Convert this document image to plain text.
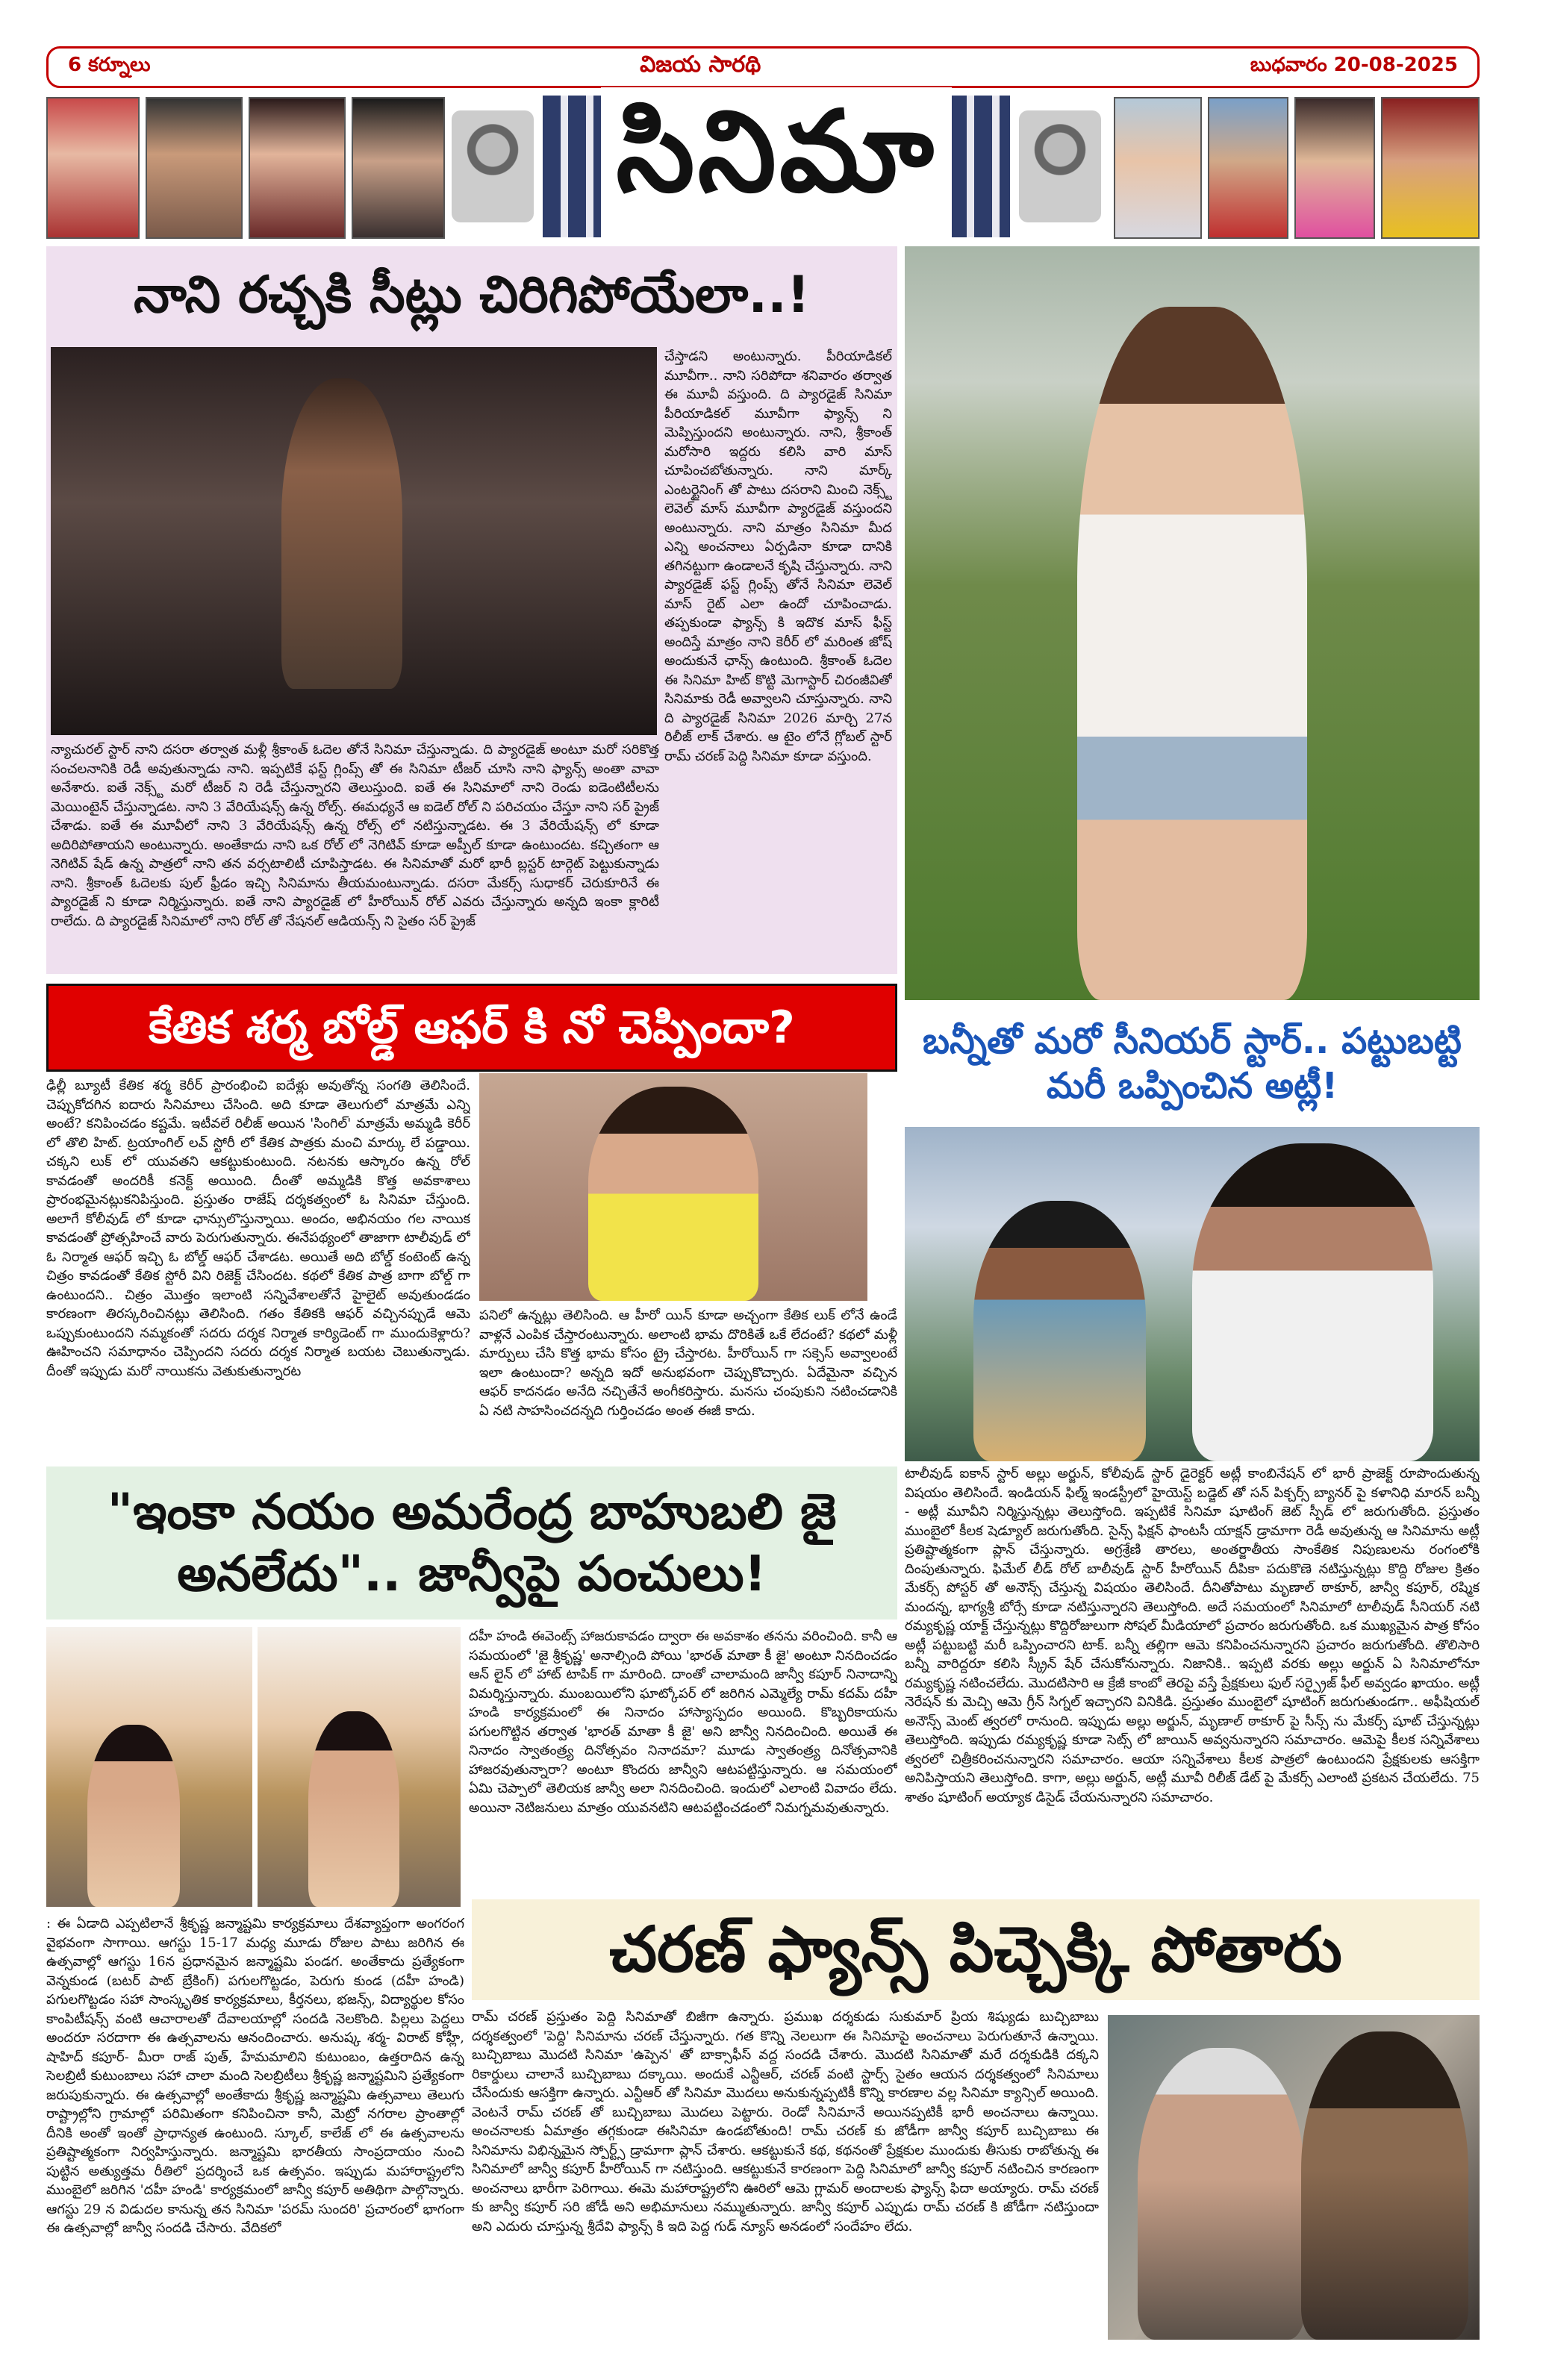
6 కర్నూలు	విజయ సారథి	బుధవారం 20-08-2025
సినిమా
నాని రచ్చకి సీట్లు చిరిగిపోయేలా..!
చేస్తాడని అంటున్నారు. పీరియాడికల్ మూవీగా.. నాని సరిపోదా శనివారం తర్వాత ఈ మూవీ వస్తుంది. ది ప్యారడైజ్ సినిమా పీరియాడికల్ మూవీగా ఫ్యాన్స్ ని మెప్పిస్తుందని అంటున్నారు. నాని, శ్రీకాంత్ మరోసారి ఇద్దరు కలిసి వారి మాస్ చూపించబోతున్నారు. నాని మార్క్ ఎంటర్టైనింగ్ తో పాటు దసరాని మించి నెక్స్ట్ లెవెల్ మాస్ మూవీగా ప్యారడైజ్ వస్తుందని అంటున్నారు. నాని మాత్రం సినిమా మీద ఎన్ని అంచనాలు ఏర్పడినా కూడా దానికి తగినట్టుగా ఉండాలనే కృషి చేస్తున్నారు. నాని ప్యారడైజ్ ఫస్ట్ గ్లింప్స్ తోనే సినిమా లెవెల్ మాస్ రైట్ ఎలా ఉందో చూపించాడు. తప్పకుండా ఫ్యాన్స్ కి ఇదొక మాస్ ఫీస్ట్ అందిస్తే మాత్రం నాని కెరీర్ లో మరింత జోష్ అందుకునే ఛాన్స్ ఉంటుంది. శ్రీకాంత్ ఓదెల ఈ సినిమా హిట్ కొట్టి మెగాస్టార్ చిరంజీవితో సినిమాకు రెడీ అవ్వాలని చూస్తున్నారు. నాని ది ప్యారడైజ్ సినిమా 2026 మార్చి 27న రిలీజ్ లాక్ చేశారు. ఆ టైం లోనే గ్లోబల్ స్టార్ రామ్ చరణ్ పెద్ది సినిమా కూడా వస్తుంది.
న్యాచురల్ స్టార్ నాని దసరా తర్వాత మళ్లీ శ్రీకాంత్ ఓదెల తోనే సినిమా చేస్తున్నాడు. ది ప్యారడైజ్ అంటూ మరో సరికొత్త సంచలనానికి రెడీ అవుతున్నాడు నాని. ఇప్పటికే ఫస్ట్ గ్లింప్స్ తో ఈ సినిమా టీజర్ చూసి నాని ఫ్యాన్స్ అంతా వావా అనేశారు. ఐతే నెక్స్ట్ మరో టీజర్ ని రెడీ చేస్తున్నారని తెలుస్తుంది. ఐతే ఈ సినిమాలో నాని రెండు ఐడెంటిటీలను మెయింటైన్ చేస్తున్నాడట. నాని 3 వేరియేషన్స్ ఉన్న రోల్స్. ఈమధ్యనే ఆ ఐడెల్ రోల్ ని పరిచయం చేస్తూ నాని సర్ ప్రైజ్ చేశాడు. ఐతే ఈ మూవీలో నాని 3 వేరియేషన్స్ ఉన్న రోల్స్ లో నటిస్తున్నాడట. ఈ 3 వేరియేషన్స్ లో కూడా అదిరిపోతాయని అంటున్నారు. అంతేకాదు నాని ఒక రోల్ లో నెగిటివ్ కూడా అప్పీల్ కూడా ఉంటుందట. కచ్చితంగా ఆ నెగిటివ్ షేడ్ ఉన్న పాత్రలో నాని తన వర్సటాలిటీ చూపిస్తాడట. ఈ సినిమాతో మరో భారీ బ్లస్టర్ టార్గెట్ పెట్టుకున్నాడు నాని. శ్రీకాంత్ ఓదెలకు పుల్ ఫ్రీడం ఇచ్చి సినిమాను తీయమంటున్నాడు. దసరా మేకర్స్ సుధాకర్ చెరుకూరినే ఈ ప్యారడైజ్ ని కూడా నిర్మిస్తున్నారు. ఐతే నాని ప్యారడైజ్ లో హీరోయిన్ రోల్ ఎవరు చేస్తున్నారు అన్నది ఇంకా క్లారిటీ రాలేదు. ది ప్యారడైజ్ సినిమాలో నాని రోల్ తో నేషనల్ ఆడియన్స్ ని సైతం సర్ ప్రైజ్
కేతిక శర్మ బోల్డ్ ఆఫర్ కి నో చెప్పిందా?
ఢిల్లీ బ్యూటీ కేతిక శర్మ కెరీర్ ప్రారంభించి ఐదేళ్లు అవుతోన్న సంగతి తెలిసిందే. చెప్పుకోదగిన ఐదారు సినిమాలు చేసింది. అది కూడా తెలుగులో మాత్రమే ఎన్ని అంటే? కనిపించడం కష్టమే. ఇటీవలే రిలీజ్ అయిన 'సింగిల్' మాత్రమే అమ్మడి కెరీర్ లో తొలి హిట్. ట్రయాంగిల్ లవ్ స్టోరీ లో కేతిక పాత్రకు మంచి మార్కు లే పడ్డాయి. చక్కని లుక్ లో యువతని ఆకట్టుకుంటుంది. నటనకు ఆస్కారం ఉన్న రోల్ కావడంతో అందరికీ కనెక్ట్ అయింది. దీంతో అమ్మడికి కొత్త అవకాశాలు ప్రారంభమైనట్లుకనిపిస్తుంది. ప్రస్తుతం రాజేష్ దర్శకత్వంలో ఓ సినిమా చేస్తుంది. అలాగే కోలీవుడ్ లో కూడా ఛాన్సులొస్తున్నాయి. అందం, అభినయం గల నాయిక కావడంతో ప్రోత్సహించే వారు పెరుగుతున్నారు. ఈనేపథ్యంలో తాజాగా టాలీవుడ్ లో ఓ నిర్మాత ఆఫర్ ఇచ్చి ఓ బోల్డ్ ఆఫర్ చేశాడట. అయితే అది బోల్డ్ కంటెంట్ ఉన్న చిత్రం కావడంతో కేతిక స్టోరీ విని రిజెక్ట్ చేసిందట. కథలో కేతిక పాత్ర బాగా బోల్డ్ గా ఉంటుందని.. చిత్రం మొత్తం ఇలాంటి సన్నివేశాలతోనే హైలైట్ అవుతుండడం కారణంగా తిరస్కరించినట్లు తెలిసింది. గతం కేతికకి ఆఫర్ వచ్చినప్పుడే ఆమె ఒప్పుకుంటుందని నమ్మకంతో సదరు దర్శక నిర్మాత కార్యిడెంట్ గా ముందుకెళ్లారు? ఊహించని సమాధానం చెప్పిందని సదరు దర్శక నిర్మాత బయట చెబుతున్నాడు. దీంతో ఇప్పుడు మరో నాయికను వెతుకుతున్నారట
పనిలో ఉన్నట్లు తెలిసింది. ఆ హీరో యిన్ కూడా అచ్చంగా కేతిక లుక్ లోనే ఉండే వాళ్లనే ఎంపిక చేస్తారంటున్నారు. అలాంటి భామ దొరికితే ఒకే లేదంటే? కథలో మళ్లీ మార్పులు చేసి కొత్త భామ కోసం ట్రై చేస్తారట. హీరోయిన్ గా సక్సెస్ అవ్వాలంటే ఇలా ఉంటుందా? అన్నది ఇదో అనుభవంగా చెప్పుకొచ్చారు. ఏదేమైనా వచ్చిన ఆఫర్ కాదనడం అనేది నచ్చితేనే అంగీకరిస్తారు. మనసు చంపుకుని నటించడానికి ఏ నటి సాహసించదన్నది గుర్తించడం అంత ఈజీ కాదు.
బన్నీతో మరో సీనియర్ స్టార్.. పట్టుబట్టి మరీ ఒప్పించిన అట్లీ!
టాలీవుడ్ ఐకాన్ స్టార్ అల్లు అర్జున్, కోలీవుడ్ స్టార్ డైరెక్టర్ అట్లీ కాంబినేషన్ లో భారీ ప్రాజెక్ట్ రూపొందుతున్న విషయం తెలిసిందే. ఇండియన్ ఫిల్మ్ ఇండస్ట్రీలో హైయెస్ట్ బడ్జెట్ తో సన్ పిక్చర్స్ బ్యానర్ పై కళానిధి మారన్ బన్నీ - అట్లీ మూవీని నిర్మిస్తున్నట్లు తెలుస్తోంది. ఇప్పటికే సినిమా షూటింగ్ జెట్ స్పీడ్ లో జరుగుతోంది. ప్రస్తుతం ముంబైలో కీలక షెడ్యూల్ జరుగుతోంది. సైన్స్ ఫిక్షన్ ఫాంటసీ యాక్షన్ డ్రామాగా రెడీ అవుతున్న ఆ సినిమాను అట్లీ ప్రతిష్టాత్మకంగా ప్లాన్ చేస్తున్నారు. అగ్రశ్రేణి తారలు, అంతర్జాతీయ సాంకేతిక నిపుణులను రంగంలోకి దింపుతున్నారు. ఫిమేల్ లీడ్ రోల్ బాలీవుడ్ స్టార్ హీరోయిన్ దీపికా పదుకొణె నటిస్తున్నట్లు కొద్ది రోజుల క్రితం మేకర్స్ పోస్టర్ తో అనౌన్స్ చేస్తున్న విషయం తెలిసిందే. దీనితోపాటు మృణాల్ ఠాకూర్, జాన్వీ కపూర్, రష్మిక మందన్న, భాగ్యశ్రీ బోర్సే కూడా నటిస్తున్నారని తెలుస్తోంది. అదే సమయంలో సినిమాలో టాలీవుడ్ సీనియర్ నటి రమ్యకృష్ణ యాక్ట్ చేస్తున్నట్లు కొద్దిరోజులుగా సోషల్ మీడియాలో ప్రచారం జరుగుతోంది. ఒక ముఖ్యమైన పాత్ర కోసం అట్లీ పట్టుబట్టి మరీ ఒప్పించారని టాక్. బన్నీ తల్లిగా ఆమె కనిపించనున్నారని ప్రచారం జరుగుతోంది. తొలిసారి బన్నీ వారిద్దరూ కలిసి స్క్రీన్ షేర్ చేసుకోనున్నారు. నిజానికి.. ఇప్పటి వరకు అల్లు అర్జున్ ఏ సినిమాలోనూ రమ్యకృష్ణ నటించలేదు. మొదటిసారి ఆ క్రేజీ కాంబో తెరపై వస్తే ప్రేక్షకులు ఫుల్ సర్ప్రైజ్ ఫీల్ అవ్వడం ఖాయం. అట్లీ నెరేషన్ కు మెచ్చి ఆమె గ్రీన్ సిగ్నల్ ఇచ్చారని వినికిడి. ప్రస్తుతం ముంబైలో షూటింగ్ జరుగుతుండగా.. అఫీషియల్ అనౌన్స్ మెంట్ త్వరలో రానుంది. ఇప్పుడు అల్లు అర్జున్, మృణాల్ ఠాకూర్ పై సీన్స్ ను మేకర్స్ షూట్ చేస్తున్నట్లు తెలుస్తోంది. ఇప్పుడు రమ్యకృష్ణ కూడా సెట్స్ లో జాయిన్ అవ్వనున్నారని సమాచారం. ఆమెపై కీలక సన్నివేశాలు త్వరలో చిత్రీకరించనున్నారని సమాచారం. ఆయా సన్నివేశాలు కీలక పాత్రలో ఉంటుందని ప్రేక్షకులకు ఆసక్తిగా అనిపిస్తాయని తెలుస్తోంది. కాగా, అల్లు అర్జున్, అట్లీ మూవీ రిలీజ్ డేట్ పై మేకర్స్ ఎలాంటి ప్రకటన చేయలేదు. 75 శాతం షూటింగ్ అయ్యాక డిసైడ్ చేయనున్నారని సమాచారం.
"ఇంకా నయం అమరేంద్ర బాహుబలి జై
అనలేదు".. జాన్వీపై పంచులు!
దహీ హండి ఈవెంట్స్ హాజరుకావడం ద్వారా ఈ అవకాశం తనను వరించింది. కానీ ఆ సమయంలో 'జై శ్రీకృష్ణ' అనాల్సింది పోయి 'భారత్ మాతా కీ జై' అంటూ నినదించడం ఆన్ లైన్ లో హాట్ టాపిక్ గా మారింది. దాంతో చాలామంది జాన్వీ కపూర్ నినాదాన్ని విమర్శిస్తున్నారు. ముంబయిలోని ఘాట్కోపర్ లో జరిగిన ఎమ్మెల్యే రామ్ కదమ్ దహీ హండి కార్యక్రమంలో ఈ నినాదం హాస్యాస్పదం అయింది. కొబ్బరికాయను పగులగొట్టిన తర్వాత 'భారత్ మాతా కీ జై' అని జాన్వీ నినదించింది. అయితే ఈ నినాదం స్వాతంత్ర్య దినోత్సవం నినాదమా? మూడు స్వాతంత్ర్య దినోత్సవానికి హాజరవుతున్నారా? అంటూ కొందరు జాన్వీని ఆటపట్టిస్తున్నారు. ఆ సమయంలో ఏమి చెప్పాలో తెలియక జాన్వీ అలా నినదించింది. ఇందులో ఎలాంటి వివాదం లేదు. అయినా నెటిజనులు మాత్రం యువనటిని ఆటపట్టించడంలో నిమగ్నమవుతున్నారు.
: ఈ ఏడాది ఎప్పటిలానే శ్రీకృష్ణ జన్మాష్టమి కార్యక్రమాలు దేశవ్యాప్తంగా అంగరంగ వైభవంగా సాగాయి. ఆగస్టు 15-17 మధ్య మూడు రోజుల పాటు జరిగిన ఈ ఉత్సవాల్లో ఆగస్టు 16న ప్రధానమైన జన్మాష్టమి పండగ. అంతేకాదు ప్రత్యేకంగా వెన్నకుండ (బటర్ పాట్ బ్రేకింగ్) పగులగొట్టడం, పెరుగు కుండ (దహీ హండి) పగులగొట్టడం సహా సాంస్కృతిక కార్యక్రమాలు, కీర్తనలు, భజన్స్, విద్యార్థుల కోసం కాంపిటీషన్స్ వంటి ఆచారాలతో దేవాలయాల్లో సందడి నెలకొంది. పిల్లలు పెద్దలు అందరూ సరదాగా ఈ ఉత్సవాలను ఆనందించారు. అనుష్క శర్మ- విరాట్ కోహ్లీ, షాహిద్ కపూర్- మీరా రాజ్ పుత్, హేమమాలిని కుటుంబం, ఉత్తరాదిన ఉన్న సెలబ్రిటీ కుటుంబాలు సహా చాలా మంది సెలబ్రిటీలు శ్రీకృష్ణ జన్మాష్టమిని ప్రత్యేకంగా జరుపుకున్నారు. ఈ ఉత్సవాల్లో అంతేకాదు శ్రీకృష్ణ జన్మాష్టమి ఉత్సవాలు తెలుగు రాష్ట్రాల్లోని గ్రామాల్లో పరిమితంగా కనిపించినా కానీ, మెట్రో నగరాల ప్రాంతాల్లో దీనికి అంతో ఇంతో ప్రాధాన్యత ఉంటుంది. స్కూల్, కాలేజ్ లో ఈ ఉత్సవాలను ప్రతిష్టాత్మకంగా నిర్వహిస్తున్నారు. జన్మాష్టమి భారతీయ సాంప్రదాయం నుంచి పుట్టిన అత్యుత్తమ రీతిలో ప్రదర్శించే ఒక ఉత్సవం. ఇప్పుడు మహారాష్ట్రలోని ముంబైలో జరిగిన 'దహీ హండి' కార్యక్రమంలో జాన్వీ కపూర్ అతిథిగా పాల్గొన్నారు. ఆగస్టు 29 న విడుదల కానున్న తన సినిమా 'పరమ్ సుందరి' ప్రచారంలో భాగంగా ఈ ఉత్సవాల్లో జాన్వీ సందడి చేసారు. వేదికలో
చరణ్ ఫ్యాన్స్ పిచ్చెక్కి పోతారు
రామ్ చరణ్ ప్రస్తుతం పెద్ది సినిమాతో బిజీగా ఉన్నారు. ప్రముఖ దర్శకుడు సుకుమార్ ప్రియ శిష్యుడు బుచ్చిబాబు దర్శకత్వంలో 'పెద్ది' సినిమాను చరణ్ చేస్తున్నారు. గత కొన్ని నెలలుగా ఈ సినిమాపై అంచనాలు పెరుగుతూనే ఉన్నాయి. బుచ్చిబాబు మొదటి సినిమా 'ఉప్పెన' తో బాక్సాఫీస్ వద్ద సందడి చేశారు. మొదటి సినిమాతో మరే దర్శకుడికి దక్కని రికార్డులు చాలానే బుచ్చిబాబు దక్కాయి. అందుకే ఎన్టీఆర్, చరణ్ వంటి స్టార్స్ సైతం ఆయన దర్శకత్వంలో సినిమాలు చేసేందుకు ఆసక్తిగా ఉన్నారు. ఎన్టీఆర్ తో సినిమా మొదలు అనుకున్నప్పటికీ కొన్ని కారణాల వల్ల సినిమా క్యాన్సిల్ అయింది. వెంటనే రామ్ చరణ్ తో బుచ్చిబాబు మొదలు పెట్టారు. రెండో సినిమానే అయినప్పటికీ భారీ అంచనాలు ఉన్నాయి. అంచనాలకు ఏమాత్రం తగ్గకుండా ఈసినిమా ఉండబోతుంది! రామ్ చరణ్ కు జోడీగా జాన్వీ కపూర్ బుచ్చిబాబు ఈ సినిమాను విభిన్నమైన స్పోర్ట్స్ డ్రామాగా ప్లాన్ చేశారు. ఆకట్టుకునే కథ, కథనంతో ప్రేక్షకుల ముందుకు తీసుకు రాబోతున్న ఈ సినిమాలో జాన్వీ కపూర్ హీరోయిన్ గా నటిస్తుంది. ఆకట్టుకునే కారణంగా పెద్ది సినిమాలో జాన్వీ కపూర్ నటించిన కారణంగా అంచనాలు భారీగా పెరిగాయి. ఈమె మహారాష్ట్రలోని ఊరిలో ఆమె గ్లామర్ అందాలకు ఫ్యాన్స్ ఫిదా అయ్యారు. రామ్ చరణ్ కు జాన్వీ కపూర్ సరి జోడీ అని అభిమానులు నమ్ముతున్నారు. జాన్వీ కపూర్ ఎప్పుడు రామ్ చరణ్ కి జోడీగా నటిస్తుందా అని ఎదురు చూస్తున్న శ్రీదేవి ఫ్యాన్స్ కి ఇది పెద్ద గుడ్ న్యూస్ అనడంలో సందేహం లేదు.
